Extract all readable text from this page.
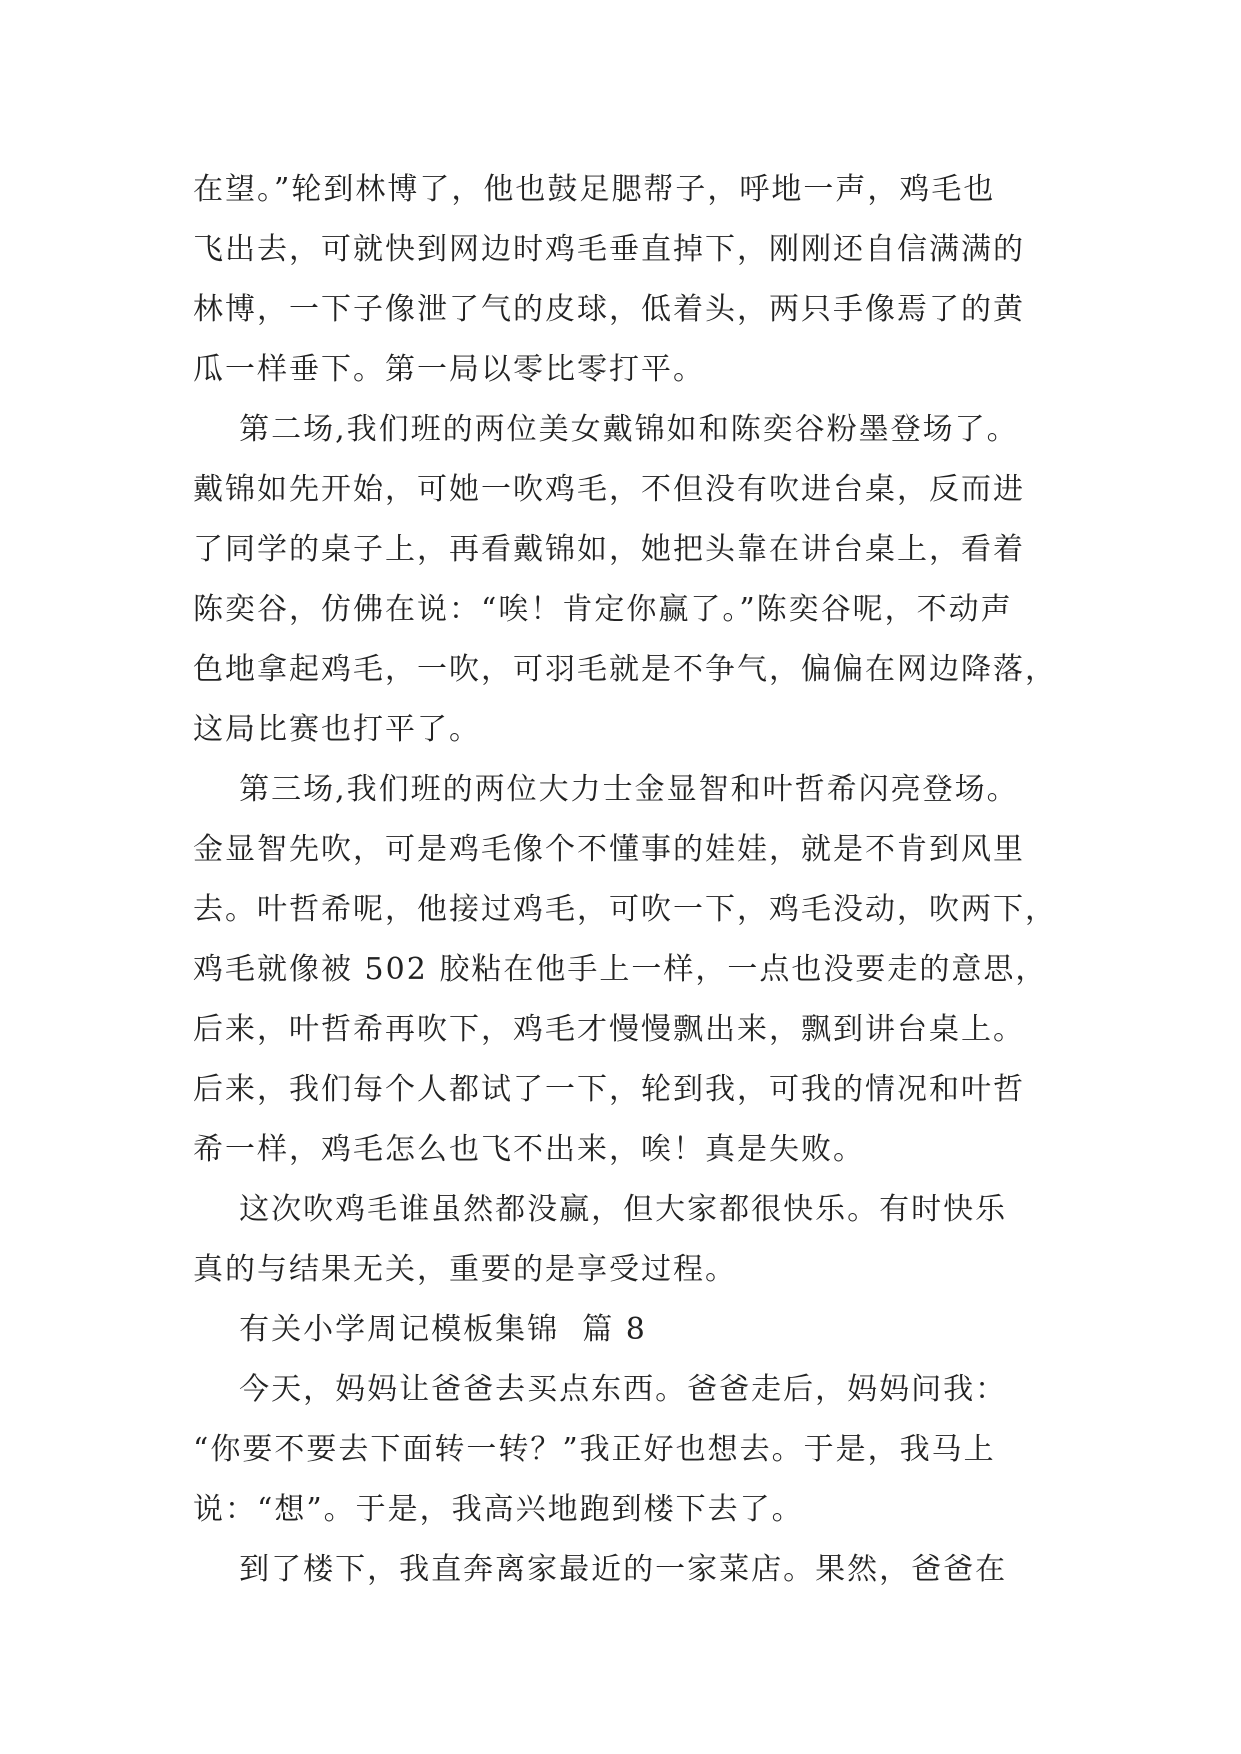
在望。”轮到林博了，他也鼓足腮帮子，呼地一声，鸡毛也
飞出去，可就快到网边时鸡毛垂直掉下，刚刚还自信满满的
林博，一下子像泄了气的皮球，低着头，两只手像焉了的黄
瓜一样垂下。第一局以零比零打平。
第二场,我们班的两位美女戴锦如和陈奕谷粉墨登场了。
戴锦如先开始，可她一吹鸡毛，不但没有吹进台桌，反而进
了同学的桌子上，再看戴锦如，她把头靠在讲台桌上，看着
陈奕谷，仿佛在说：“唉！肯定你赢了。”陈奕谷呢，不动声
色地拿起鸡毛，一吹，可羽毛就是不争气，偏偏在网边降落，
这局比赛也打平了。
第三场,我们班的两位大力士金显智和叶哲希闪亮登场。
金显智先吹，可是鸡毛像个不懂事的娃娃，就是不肯到风里
去。叶哲希呢，他接过鸡毛，可吹一下，鸡毛没动，吹两下，
鸡毛就像被 502 胶粘在他手上一样，一点也没要走的意思，
后来，叶哲希再吹下，鸡毛才慢慢飘出来，飘到讲台桌上。
后来，我们每个人都试了一下，轮到我，可我的情况和叶哲
希一样，鸡毛怎么也飞不出来，唉！真是失败。
这次吹鸡毛谁虽然都没赢，但大家都很快乐。有时快乐
真的与结果无关，重要的是享受过程。
有关小学周记模板集锦  篇 8
今天，妈妈让爸爸去买点东西。爸爸走后，妈妈问我：
“你要不要去下面转一转？”我正好也想去。于是，我马上
说：“想”。于是，我高兴地跑到楼下去了。
到了楼下，我直奔离家最近的一家菜店。果然，爸爸在
